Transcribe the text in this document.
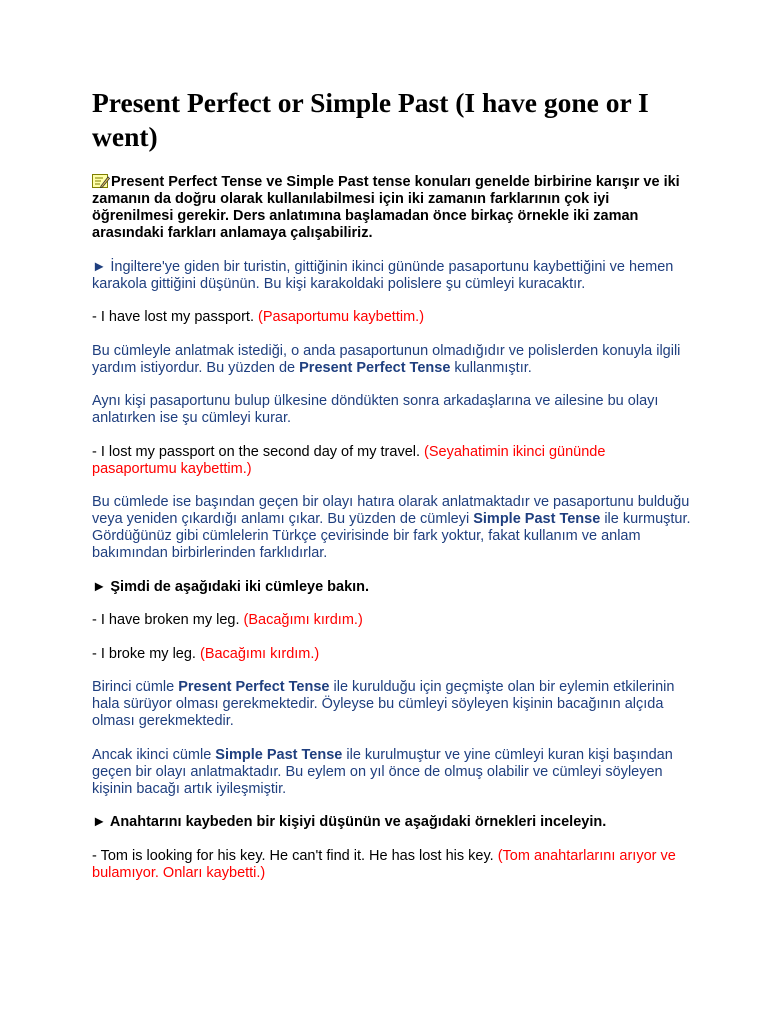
Present Perfect or Simple Past (I have gone or I went)

Present Perfect Tense ve Simple Past tense konuları genelde birbirine karışır ve iki zamanın da doğru olarak kullanılabilmesi için iki zamanın farklarının çok iyi öğrenilmesi gerekir. Ders anlatımına başlamadan önce birkaç örnekle iki zaman arasındaki farkları anlamaya çalışabiliriz.

► İngiltere'ye giden bir turistin, gittiğinin ikinci gününde pasaportunu kaybettiğini ve hemen karakola gittiğini düşünün. Bu kişi karakoldaki polislere şu cümleyi kuracaktır.

- I have lost my passport. (Pasaportumu kaybettim.)

Bu cümleyle anlatmak istediği, o anda pasaportunun olmadığıdır ve polislerden konuyla ilgili yardım istiyordur. Bu yüzden de Present Perfect Tense kullanmıştır.

Aynı kişi pasaportunu bulup ülkesine döndükten sonra arkadaşlarına ve ailesine bu olayı anlatırken ise şu cümleyi kurar.

- I lost my passport on the second day of my travel. (Seyahatimin ikinci gününde pasaportumu kaybettim.)

Bu cümlede ise başından geçen bir olayı hatıra olarak anlatmaktadır ve pasaportunu bulduğu veya yeniden çıkardığı anlamı çıkar. Bu yüzden de cümleyi Simple Past Tense ile kurmuştur. Gördüğünüz gibi cümlelerin Türkçe çevirisinde bir fark yoktur, fakat kullanım ve anlam bakımından birbirlerinden farklıdırlar.

► Şimdi de aşağıdaki iki cümleye bakın.

- I have broken my leg. (Bacağımı kırdım.)

- I broke my leg. (Bacağımı kırdım.)

Birinci cümle Present Perfect Tense ile kurulduğu için geçmişte olan bir eylemin etkilerinin hala sürüyor olması gerekmektedir. Öyleyse bu cümleyi söyleyen kişinin bacağının alçıda olması gerekmektedir.

Ancak ikinci cümle Simple Past Tense ile kurulmuştur ve yine cümleyi kuran kişi başından geçen bir olayı anlatmaktadır. Bu eylem on yıl önce de olmuş olabilir ve cümleyi söyleyen kişinin bacağı artık iyileşmiştir.

► Anahtarını kaybeden bir kişiyi düşünün ve aşağıdaki örnekleri inceleyin.

- Tom is looking for his key. He can't find it. He has lost his key. (Tom anahtarlarını arıyor ve bulamıyor. Onları kaybetti.)
